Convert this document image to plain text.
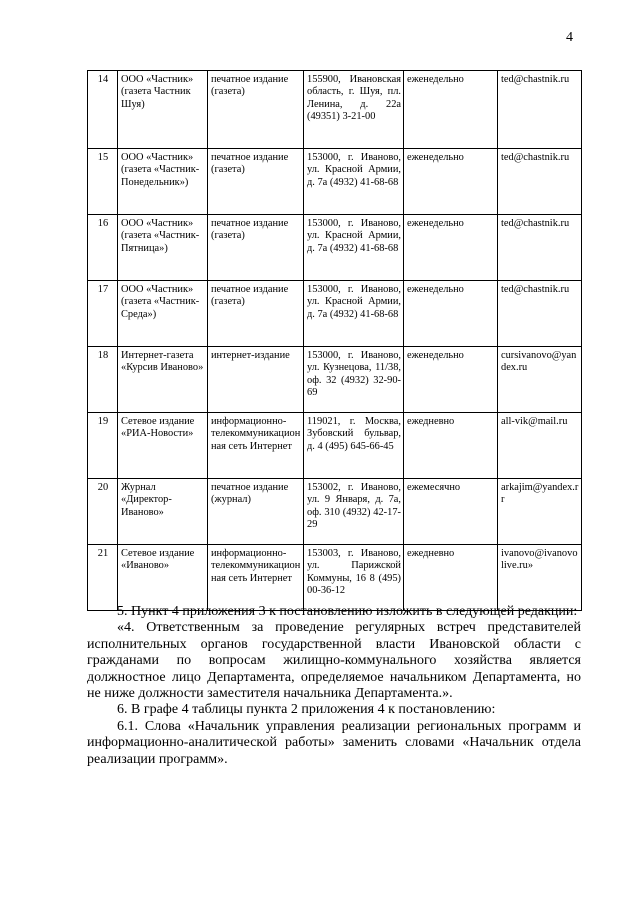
4
14	ООО «Частник» (газета Частник Шуя)	печатное издание (газета)	155900, Ивановская область, г. Шуя, пл. Ленина, д. 22а (49351) 3-21-00	еженедельно	ted@chastnik.ru
15	ООО «Частник» (газета «Частник-Понедельник»)	печатное издание (газета)	153000, г. Иваново, ул. Красной Армии, д. 7а (4932) 41-68-68	еженедельно	ted@chastnik.ru
16	ООО «Частник» (газета «Частник-Пятница»)	печатное издание (газета)	153000, г. Иваново, ул. Красной Армии, д. 7а (4932) 41-68-68	еженедельно	ted@chastnik.ru
17	ООО «Частник» (газета «Частник-Среда»)	печатное издание (газета)	153000, г. Иваново, ул. Красной Армии, д. 7а (4932) 41-68-68	еженедельно	ted@chastnik.ru
18	Интернет-газета «Курсив Иваново»	интернет-издание	153000, г. Иваново, ул. Кузнецова, 11/38, оф. 32 (4932) 32-90-69	еженедельно	cursivanovo@yandex.ru
19	Сетевое издание «РИА-Новости»	информационно-телекоммуникационная сеть Интернет	119021, г. Москва, Зубовский бульвар, д. 4 (495) 645-66-45	ежедневно	all-vik@mail.ru
20	Журнал «Директор-Иваново»	печатное издание (журнал)	153002, г. Иваново, ул. 9 Января, д. 7а, оф. 310 (4932) 42-17-29	ежемесячно	arkajim@yandex.rr
21	Сетевое издание «Иваново»	информационно-телекоммуникационная сеть Интернет	153003, г. Иваново, ул. Парижской Коммуны, 16 8 (495) 00-36-12	ежедневно	ivanovo@ivanovolive.ru»

5. Пункт 4 приложения 3 к постановлению изложить в следующей редакции:

«4. Ответственным за проведение регулярных встреч представителей исполнительных органов государственной власти Ивановской области с гражданами по вопросам жилищно-коммунального хозяйства является должностное лицо Департамента, определяемое начальником Департамента, но не ниже должности заместителя начальника Департамента.».

6. В графе 4 таблицы пункта 2 приложения 4 к постановлению:

6.1. Слова «Начальник управления реализации региональных программ и информационно-аналитической работы» заменить словами «Начальник отдела реализации программ».
